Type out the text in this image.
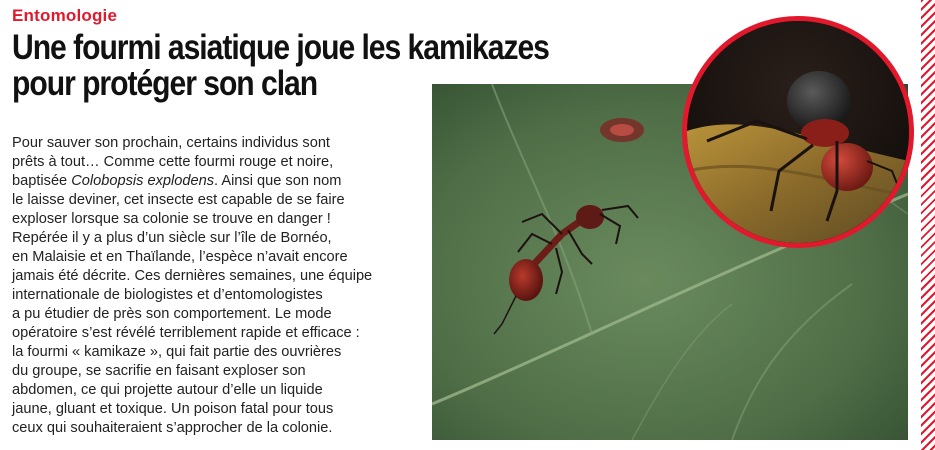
Entomologie
Une fourmi asiatique joue les kamikazes
pour protéger son clan
Pour sauver son prochain, certains individus sont
prêts à tout… Comme cette fourmi rouge et noire,
baptisée Colobopsis explodens. Ainsi que son nom
le laisse deviner, cet insecte est capable de se faire
exploser lorsque sa colonie se trouve en danger !
Repérée il y a plus d’un siècle sur l’île de Bornéo,
en Malaisie et en Thaïlande, l’espèce n’avait encore
jamais été décrite. Ces dernières semaines, une équipe
internationale de biologistes et d’entomologistes
a pu étudier de près son comportement. Le mode
opératoire s’est révélé terriblement rapide et efficace :
la fourmi « kamikaze », qui fait partie des ouvrières
du groupe, se sacrifie en faisant exploser son
abdomen, ce qui projette autour d’elle un liquide
jaune, gluant et toxique. Un poison fatal pour tous
ceux qui souhaiteraient s’approcher de la colonie.
